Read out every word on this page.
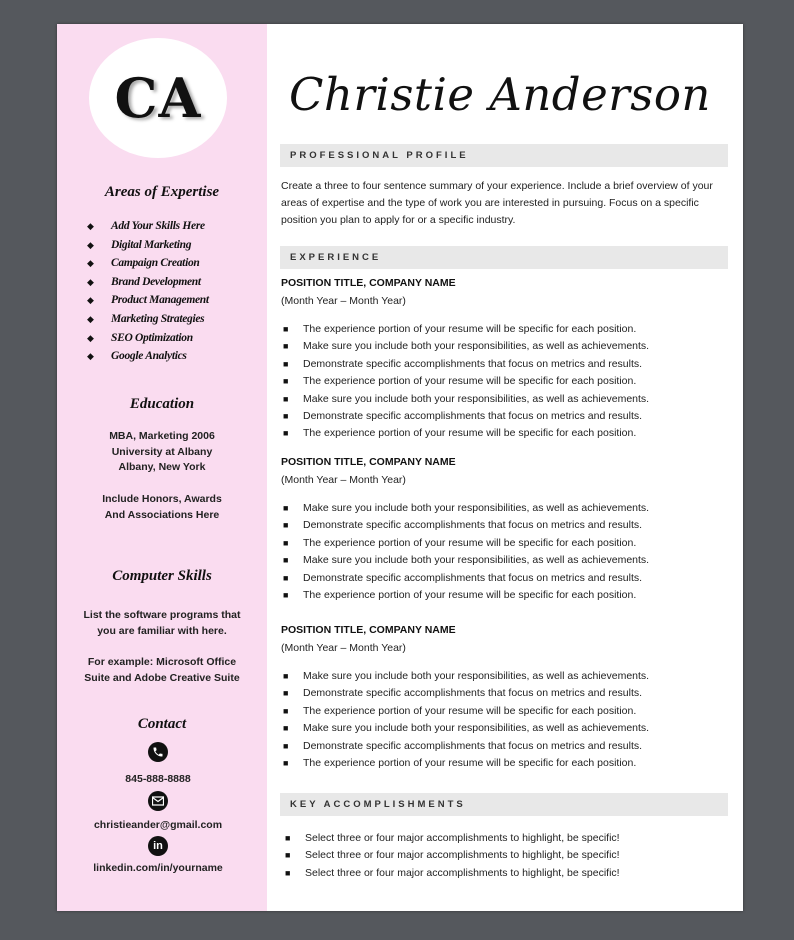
CA
Areas of Expertise
◆ Add Your Skills Here
◆ Digital Marketing
◆ Campaign Creation
◆ Brand Development
◆ Product Management
◆ Marketing Strategies
◆ SEO Optimization
◆ Google Analytics
Education

MBA, Marketing 2006

University at Albany

Albany, New York

Include Honors, Awards

And Associations Here

Computer Skills

List the software programs that

you are familiar with here.

For example: Microsoft Office

Suite and Adobe Creative Suite

Contact
845-888-8888
christieander@gmail.com
in
linkedin.com/in/yourname
Christie Anderson
PROFESSIONAL PROFILE

Create a three to four sentence summary of your experience. Include a brief overview of your areas of expertise and the type of work you are interested in pursuing. Focus on a specific position you plan to apply for or a specific industry.

EXPERIENCE
POSITION TITLE, COMPANY NAME
(Month Year – Month Year)
■ The experience portion of your resume will be specific for each position.
■ Make sure you include both your responsibilities, as well as achievements.
■ Demonstrate specific accomplishments that focus on metrics and results.
■ The experience portion of your resume will be specific for each position.
■ Make sure you include both your responsibilities, as well as achievements.
■ Demonstrate specific accomplishments that focus on metrics and results.
■ The experience portion of your resume will be specific for each position.
POSITION TITLE, COMPANY NAME
(Month Year – Month Year)
■ Make sure you include both your responsibilities, as well as achievements.
■ Demonstrate specific accomplishments that focus on metrics and results.
■ The experience portion of your resume will be specific for each position.
■ Make sure you include both your responsibilities, as well as achievements.
■ Demonstrate specific accomplishments that focus on metrics and results.
■ The experience portion of your resume will be specific for each position.
POSITION TITLE, COMPANY NAME
(Month Year – Month Year)
■ Make sure you include both your responsibilities, as well as achievements.
■ Demonstrate specific accomplishments that focus on metrics and results.
■ The experience portion of your resume will be specific for each position.
■ Make sure you include both your responsibilities, as well as achievements.
■ Demonstrate specific accomplishments that focus on metrics and results.
■ The experience portion of your resume will be specific for each position.
KEY ACCOMPLISHMENTS
■ Select three or four major accomplishments to highlight, be specific!
■ Select three or four major accomplishments to highlight, be specific!
■ Select three or four major accomplishments to highlight, be specific!
